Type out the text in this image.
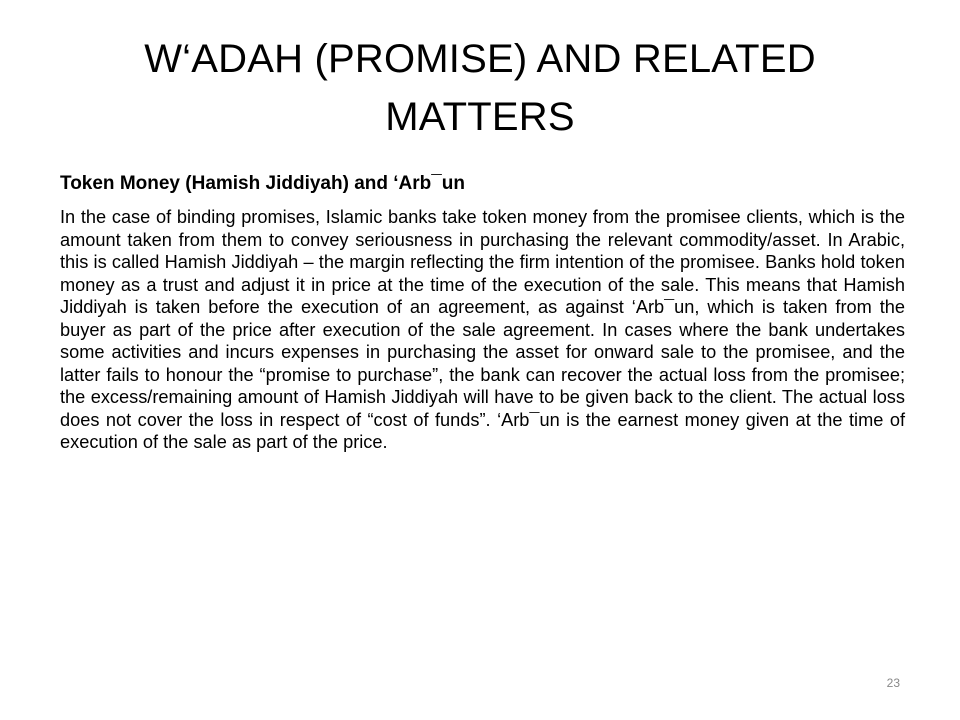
W‘ADAH (PROMISE) AND RELATED MATTERS

Token Money (Hamish Jiddiyah) and ‘Arb¯un

In the case of binding promises, Islamic banks take token money from the promisee clients, which is the amount taken from them to convey seriousness in purchasing the relevant commodity/asset. In Arabic, this is called Hamish Jiddiyah – the margin reflecting the firm intention of the promisee. Banks hold token money as a trust and adjust it in price at the time of the execution of the sale. This means that Hamish Jiddiyah is taken before the execution of an agreement, as against ‘Arb¯un, which is taken from the buyer as part of the price after execution of the sale agreement. In cases where the bank undertakes some activities and incurs expenses in purchasing the asset for onward sale to the promisee, and the latter fails to honour the “promise to purchase”, the bank can recover the actual loss from the promisee; the excess/remaining amount of Hamish Jiddiyah will have to be given back to the client. The actual loss does not cover the loss in respect of “cost of funds”. ‘Arb¯un is the earnest money given at the time of execution of the sale as part of the price.

23
